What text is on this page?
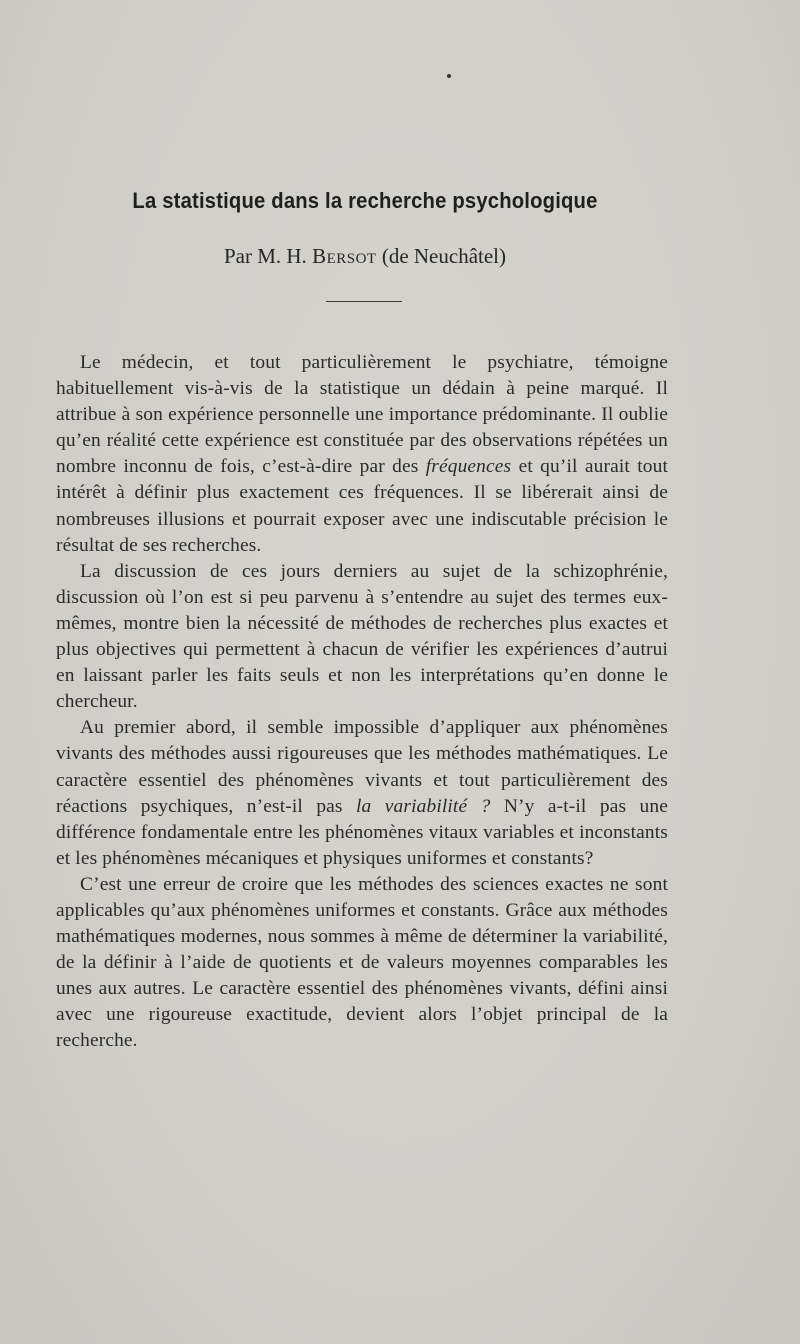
La statistique dans la recherche psychologique
Par M. H. Bersot (de Neuchâtel)

Le médecin, et tout particulièrement le psychiatre, témoigne habituellement vis-à-vis de la statistique un dédain à peine marqué. Il attribue à son expérience personnelle une importance prédominante. Il oublie qu’en réalité cette expérience est constituée par des observations répétées un nombre inconnu de fois, c’est-à-dire par des fréquences et qu’il aurait tout intérêt à définir plus exactement ces fréquences. Il se libérerait ainsi de nombreuses illusions et pourrait exposer avec une indiscutable précision le résultat de ses recherches.

La discussion de ces jours derniers au sujet de la schizophrénie, discussion où l’on est si peu parvenu à s’entendre au sujet des termes eux-mêmes, montre bien la nécessité de méthodes de recherches plus exactes et plus objectives qui permettent à chacun de vérifier les expériences d’autrui en laissant parler les faits seuls et non les interprétations qu’en donne le chercheur.

Au premier abord, il semble impossible d’appliquer aux phénomènes vivants des méthodes aussi rigoureuses que les méthodes mathématiques. Le caractère essentiel des phénomènes vivants et tout particulièrement des réactions psychiques, n’est-il pas la variabilité ? N’y a-t-il pas une différence fondamentale entre les phénomènes vitaux variables et inconstants et les phénomènes mécaniques et physiques uniformes et constants?

C’est une erreur de croire que les méthodes des sciences exactes ne sont applicables qu’aux phénomènes uniformes et constants. Grâce aux méthodes mathématiques modernes, nous sommes à même de déterminer la variabilité, de la définir à l’aide de quotients et de valeurs moyennes comparables les unes aux autres. Le caractère essentiel des phénomènes vivants, défini ainsi avec une rigoureuse exactitude, devient alors l’objet principal de la recherche.
